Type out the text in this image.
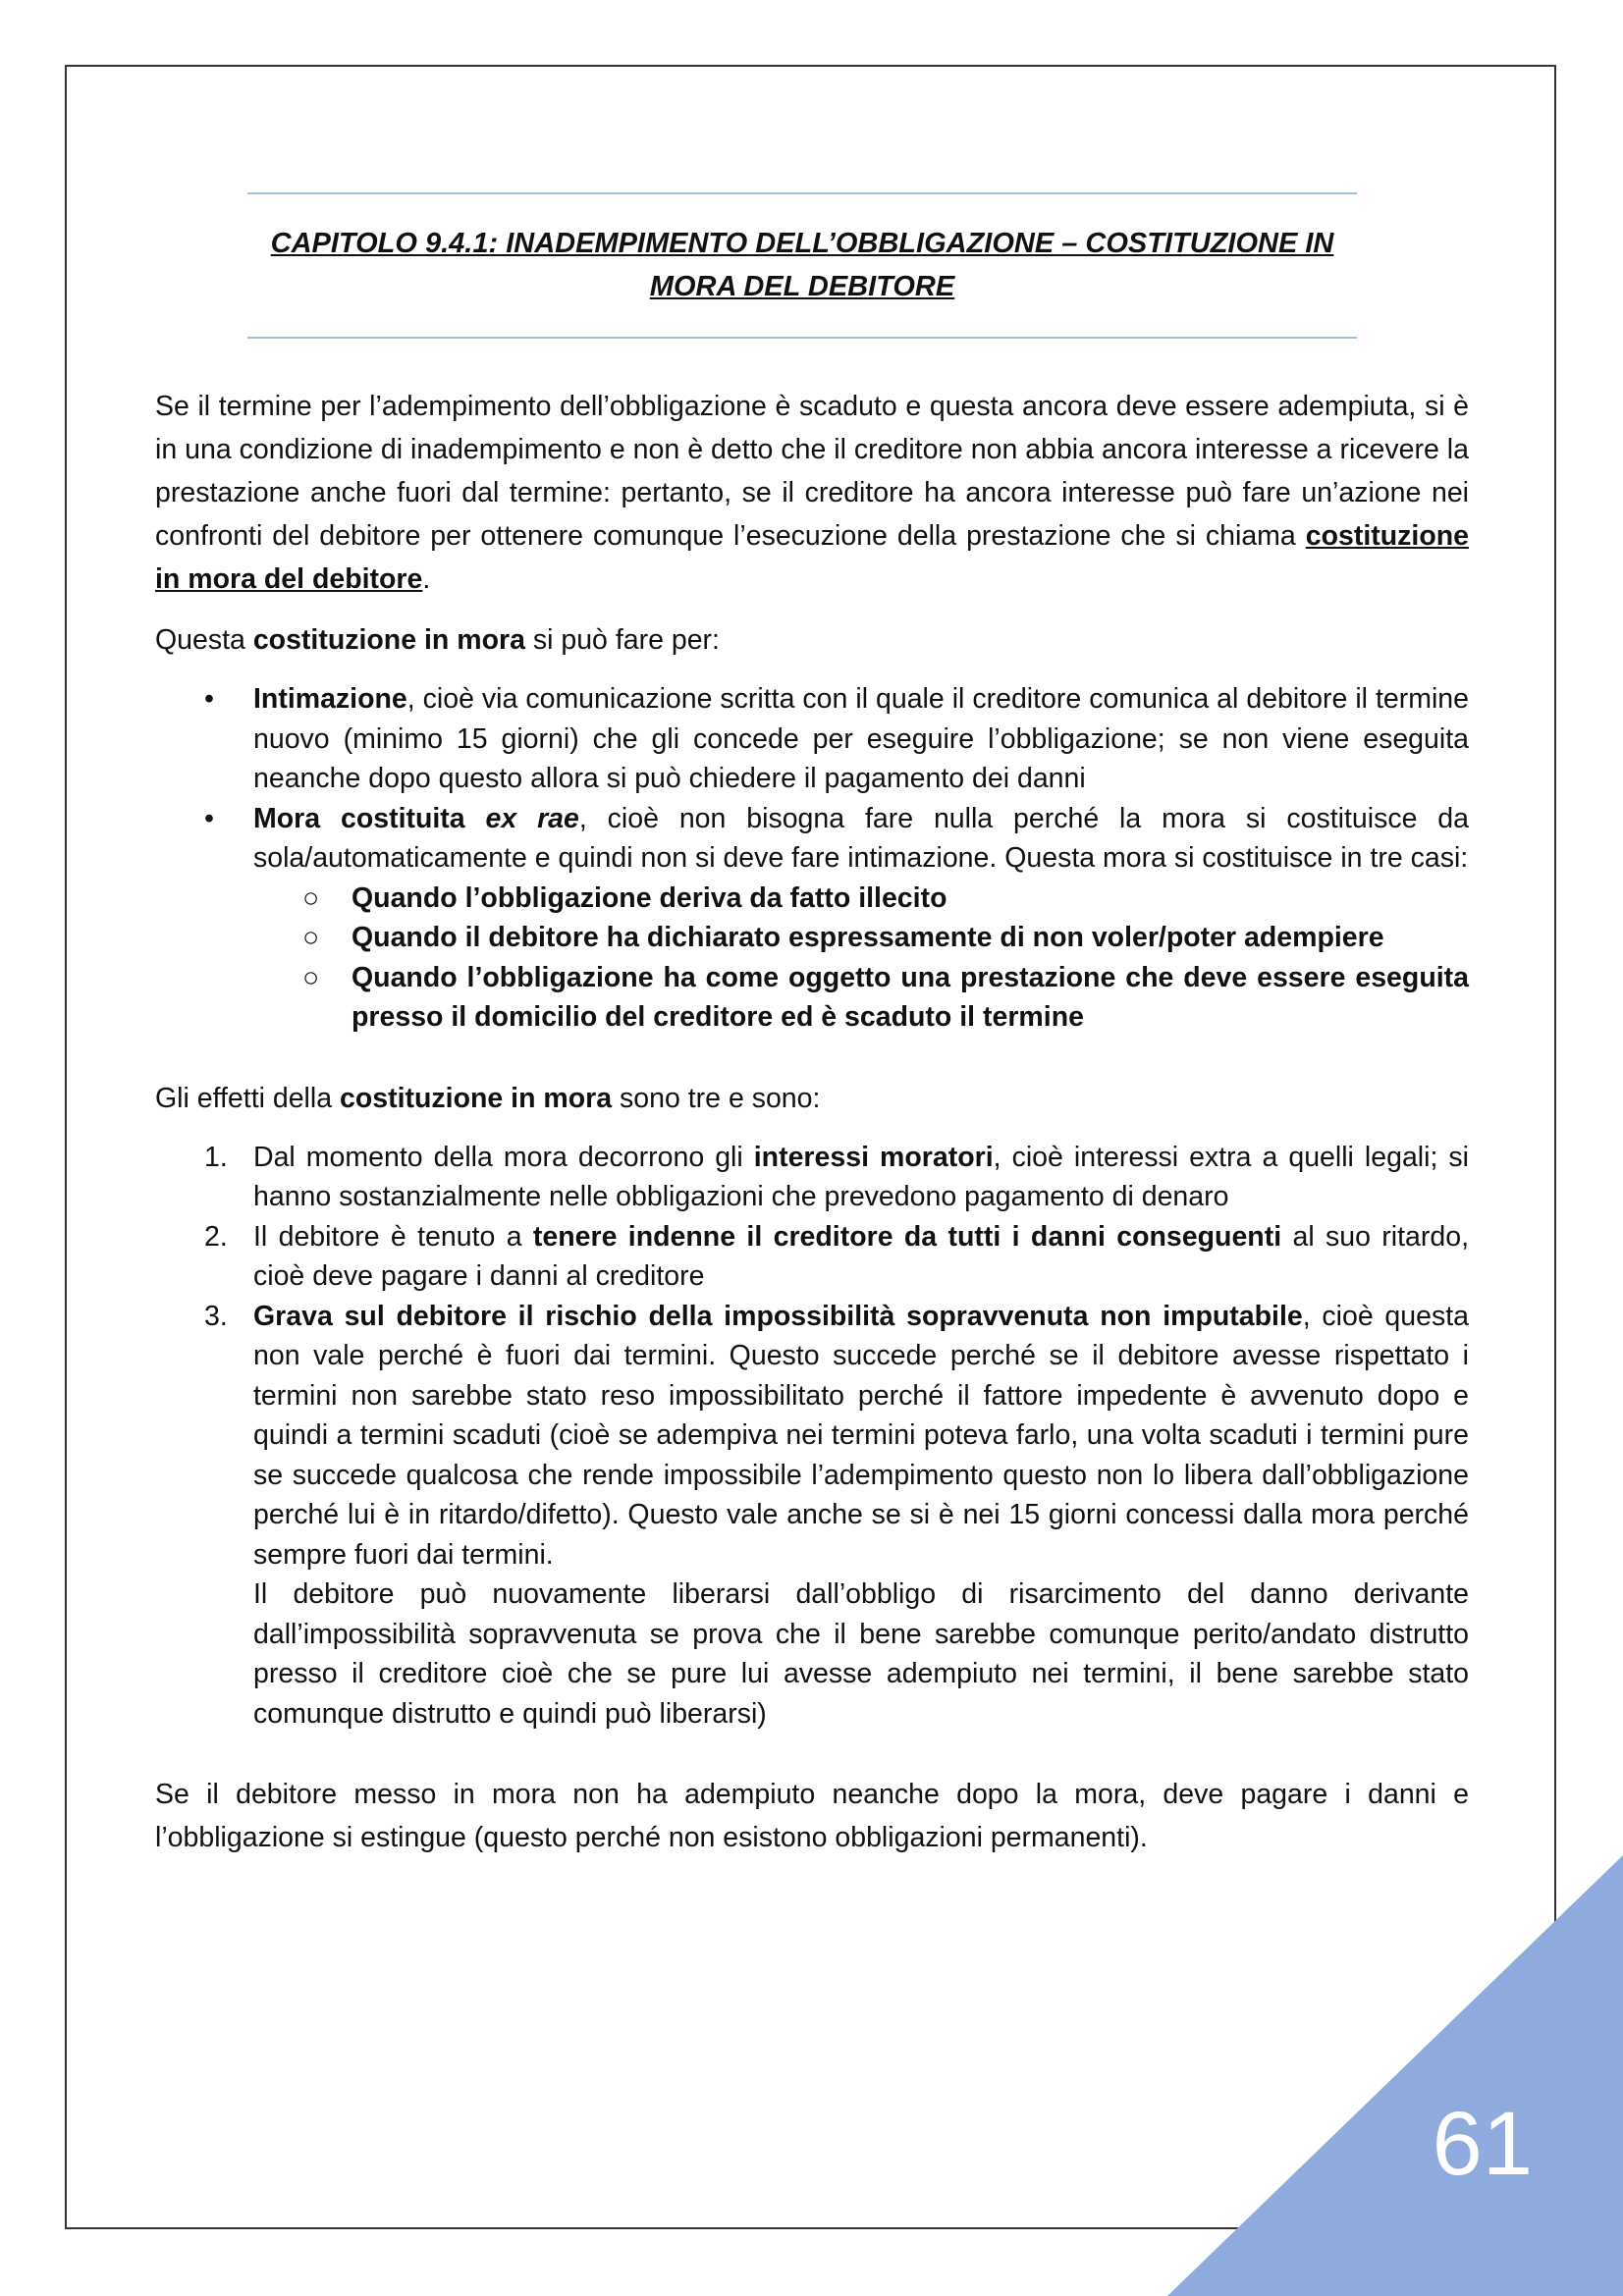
61
CAPITOLO 9.4.1: INADEMPIMENTO DELL’OBBLIGAZIONE – COSTITUZIONE IN
MORA DEL DEBITORE

Se il termine per l’adempimento dell’obbligazione è scaduto e questa ancora deve essere adempiuta, si è in una condizione di inadempimento e non è detto che il creditore non abbia ancora interesse a ricevere la prestazione anche fuori dal termine: pertanto, se il creditore ha ancora interesse può fare un’azione nei confronti del debitore per ottenere comunque l’esecuzione della prestazione che si chiama costituzione in mora del debitore.

Questa costituzione in mora si può fare per:

• Intimazione, cioè via comunicazione scritta con il quale il creditore comunica al debitore il termine nuovo (minimo 15 giorni) che gli concede per eseguire l’obbligazione; se non viene eseguita neanche dopo questo allora si può chiedere il pagamento dei danni
• Mora costituita ex rae, cioè non bisogna fare nulla perché la mora si costituisce da sola/automaticamente e quindi non si deve fare intimazione. Questa mora si costituisce in tre casi:
○ Quando l’obbligazione deriva da fatto illecito
○ Quando il debitore ha dichiarato espressamente di non voler/poter adempiere
○ Quando l’obbligazione ha come oggetto una prestazione che deve essere eseguita presso il domicilio del creditore ed è scaduto il termine

Gli effetti della costituzione in mora sono tre e sono:

1. Dal momento della mora decorrono gli interessi moratori, cioè interessi extra a quelli legali; si hanno sostanzialmente nelle obbligazioni che prevedono pagamento di denaro
2. Il debitore è tenuto a tenere indenne il creditore da tutti i danni conseguenti al suo ritardo, cioè deve pagare i danni al creditore
3. Grava sul debitore il rischio della impossibilità sopravvenuta non imputabile, cioè questa non vale perché è fuori dai termini. Questo succede perché se il debitore avesse rispettato i termini non sarebbe stato reso impossibilitato perché il fattore impedente è avvenuto dopo e quindi a termini scaduti (cioè se adempiva nei termini poteva farlo, una volta scaduti i termini pure se succede qualcosa che rende impossibile l’adempimento questo non lo libera dall’obbligazione perché lui è in ritardo/difetto). Questo vale anche se si è nei 15 giorni concessi dalla mora perché sempre fuori dai termini.
Il debitore può nuovamente liberarsi dall’obbligo di risarcimento del danno derivante dall’impossibilità sopravvenuta se prova che il bene sarebbe comunque perito/andato distrutto presso il creditore cioè che se pure lui avesse adempiuto nei termini, il bene sarebbe stato comunque distrutto e quindi può liberarsi)

Se il debitore messo in mora non ha adempiuto neanche dopo la mora, deve pagare i danni e l’obbligazione si estingue (questo perché non esistono obbligazioni permanenti).
